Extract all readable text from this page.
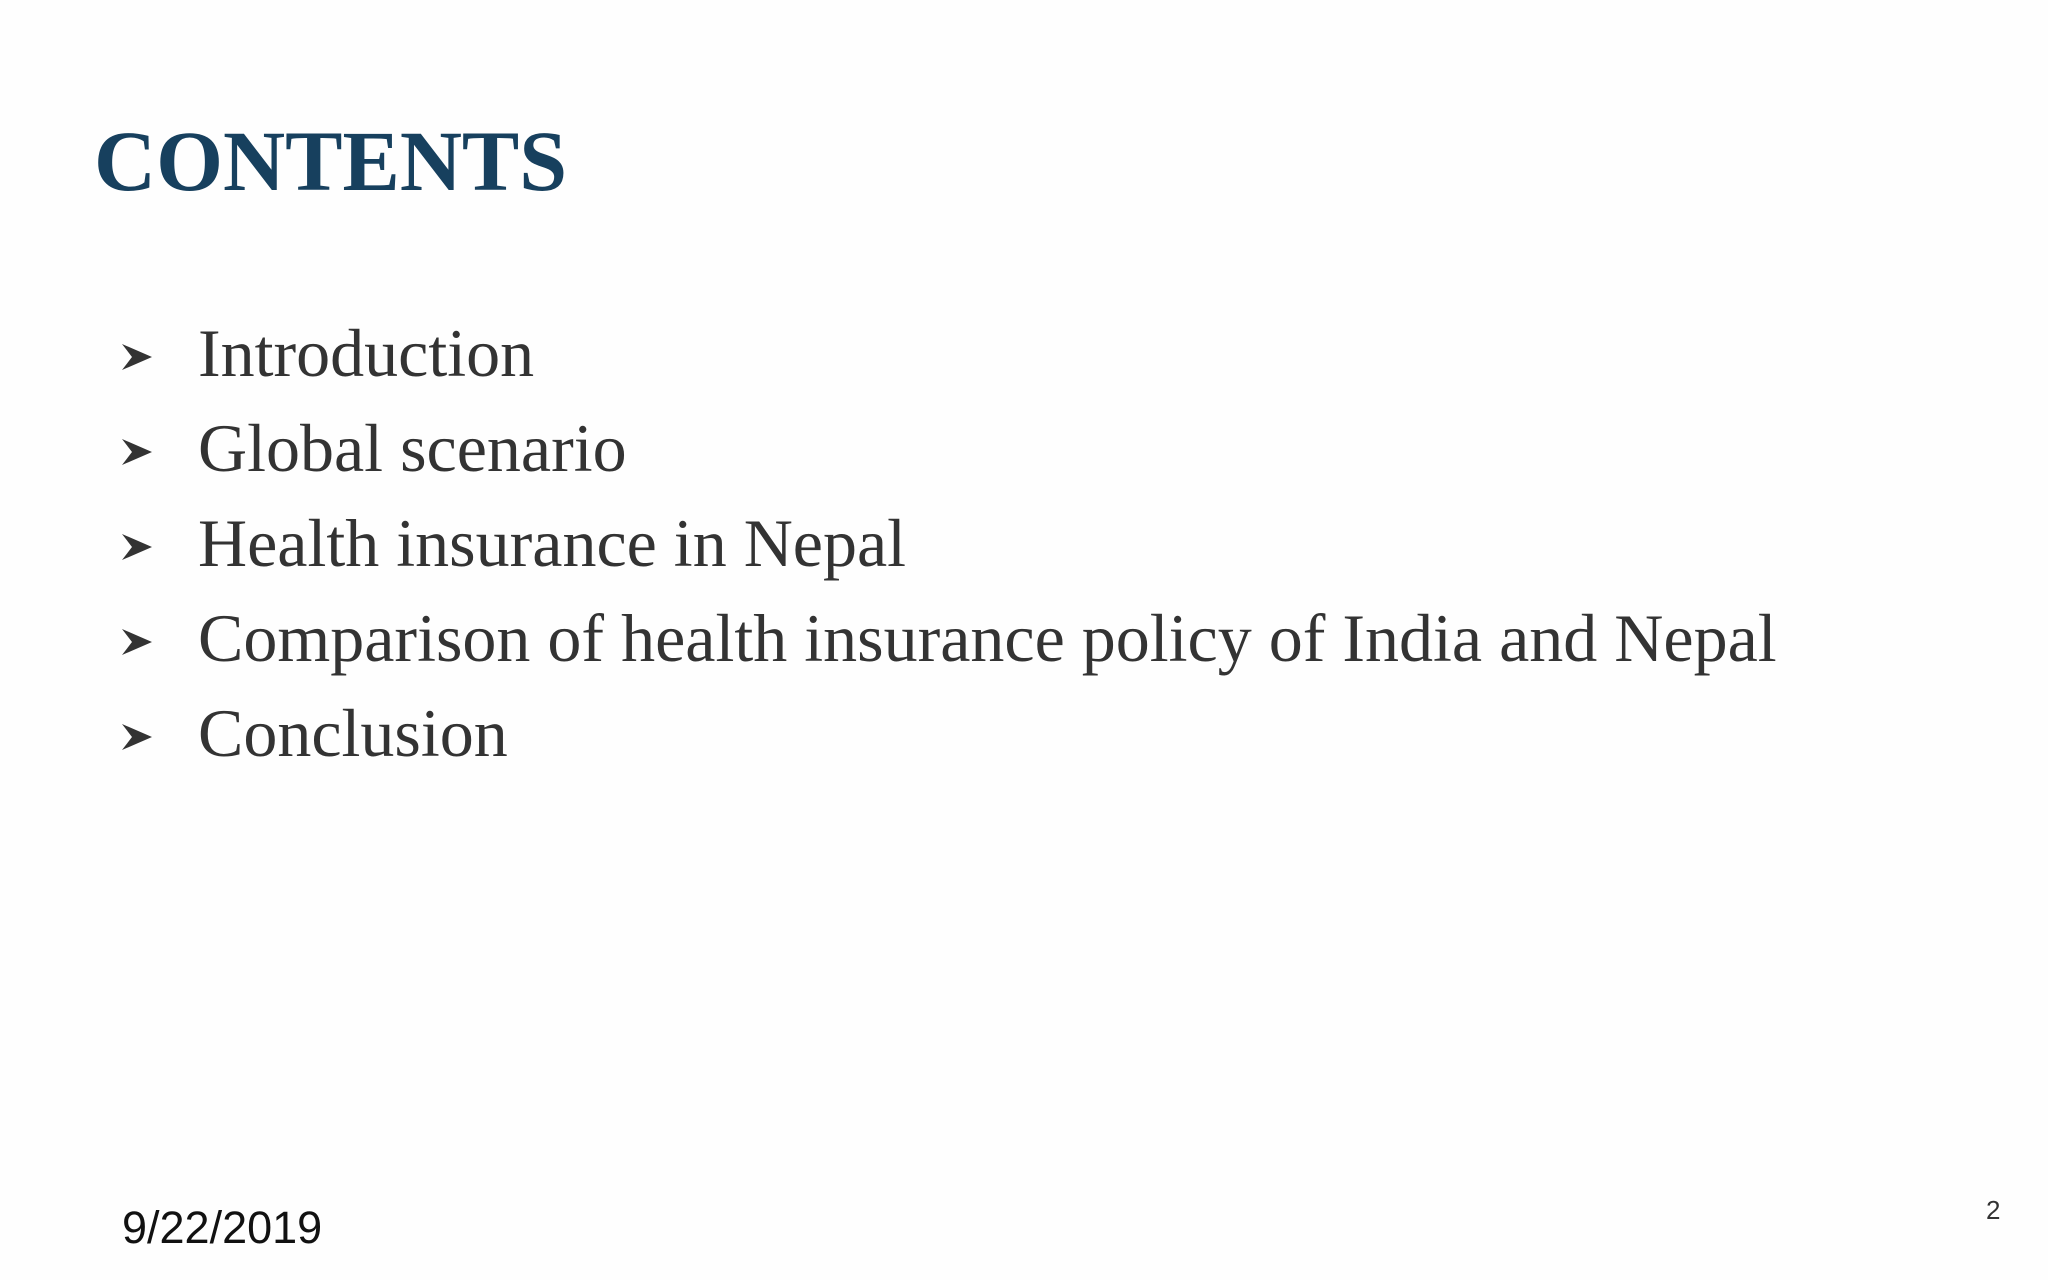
CONTENTS
Introduction
Global scenario
Health insurance in Nepal
Comparison of health insurance policy of India and Nepal
Conclusion
9/22/2019	2
